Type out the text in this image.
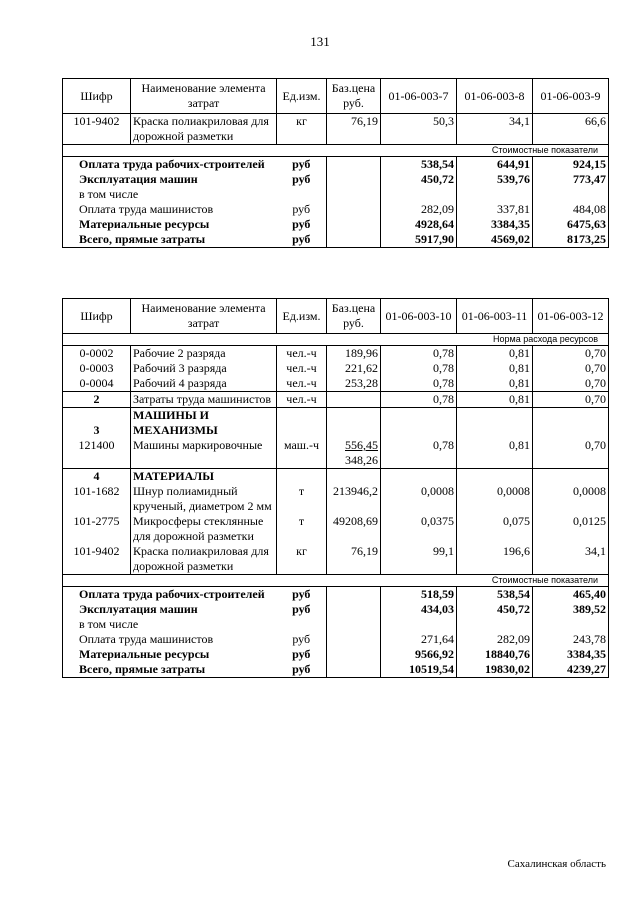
131
Шифр	Наименование элемента затрат	Ед.изм.	Баз.цена руб.	01-06-003-7	01-06-003-8	01-06-003-9
101-9402	Краска полиакриловая для дорожной разметки	кг	76,19	50,3	34,1	66,6
Стоимостные показатели						
Оплата труда рабочих-строителей		руб		538,54	644,91	924,15
Эксплуатация машин		руб		450,72	539,76	773,47
в том числе						
Оплата труда машинистов		руб		282,09	337,81	484,08
Материальные ресурсы		руб		4928,64	3384,35	6475,63
Всего, прямые затраты		руб		5917,90	4569,02	8173,25
Шифр	Наименование элемента затрат	Ед.изм.	Баз.цена руб.	01-06-003-10	01-06-003-11	01-06-003-12
Норма расхода ресурсов						
0-0002	Рабочие 2 разряда	чел.-ч	189,96	0,78	0,81	0,70
0-0003	Рабочий 3 разряда	чел.-ч	221,62	0,78	0,81	0,70
0-0004	Рабочий 4 разряда	чел.-ч	253,28	0,78	0,81	0,70
2	Затраты труда машинистов	чел.-ч		0,78	0,81	0,70
3	МАШИНЫ И МЕХАНИЗМЫ					
121400	Машины маркировочные	маш.-ч	556,45	0,78	0,81	0,70
			348,26			
4	МАТЕРИАЛЫ					
101-1682	Шнур полиамидный крученый, диаметром 2 мм	т	213946,2	0,0008	0,0008	0,0008
101-2775	Микросферы стеклянные для дорожной разметки	т	49208,69	0,0375	0,075	0,0125
101-9402	Краска полиакриловая для дорожной разметки	кг	76,19	99,1	196,6	34,1
Стоимостные показатели						
Оплата труда рабочих-строителей		руб		518,59	538,54	465,40
Эксплуатация машин		руб		434,03	450,72	389,52
в том числе						
Оплата труда машинистов		руб		271,64	282,09	243,78
Материальные ресурсы		руб		9566,92	18840,76	3384,35
Всего, прямые затраты		руб		10519,54	19830,02	4239,27
Сахалинская область
